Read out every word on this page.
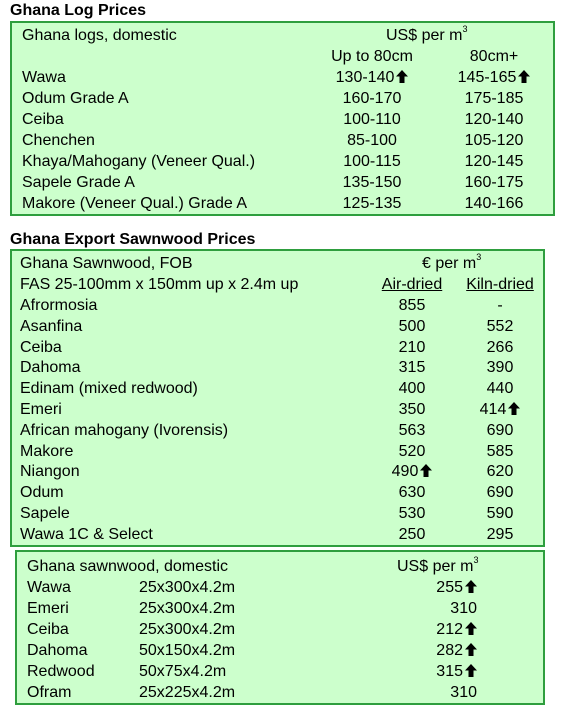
Ghana Log Prices
Ghana logs, domestic	US$ per $m^3$
Up to 80cm	80cm+
Wawa	130-140	145-165
Odum Grade A	160-170	175-185
Ceiba	100-110	120-140
Chenchen	85-100	105-120
Khaya/Mahogany (Veneer Qual.)	100-115	120-145
Sapele Grade A	135-150	160-175
Makore (Veneer Qual.) Grade A	125-135	140-166
Ghana Export Sawnwood Prices
Ghana Sawnwood, FOB	€ per $m^3$
FAS 25-100mm x 150mm up x 2.4m up	Air-dried	Kiln-dried
Afrormosia	855	-
Asanfina	500	552
Ceiba	210	266
Dahoma	315	390
Edinam (mixed redwood)	400	440
Emeri	350	414
African mahogany (Ivorensis)	563	690
Makore	520	585
Niangon	490	620
Odum	630	690
Sapele	530	590
Wawa 1C & Select	250	295
Ghana sawnwood, domestic	US$ per $m^3$
Wawa	25x300x4.2m	255
Emeri	25x300x4.2m	310
Ceiba	25x300x4.2m	212
Dahoma	50x150x4.2m	282
Redwood	50x75x4.2m	315
Ofram	25x225x4.2m	310
